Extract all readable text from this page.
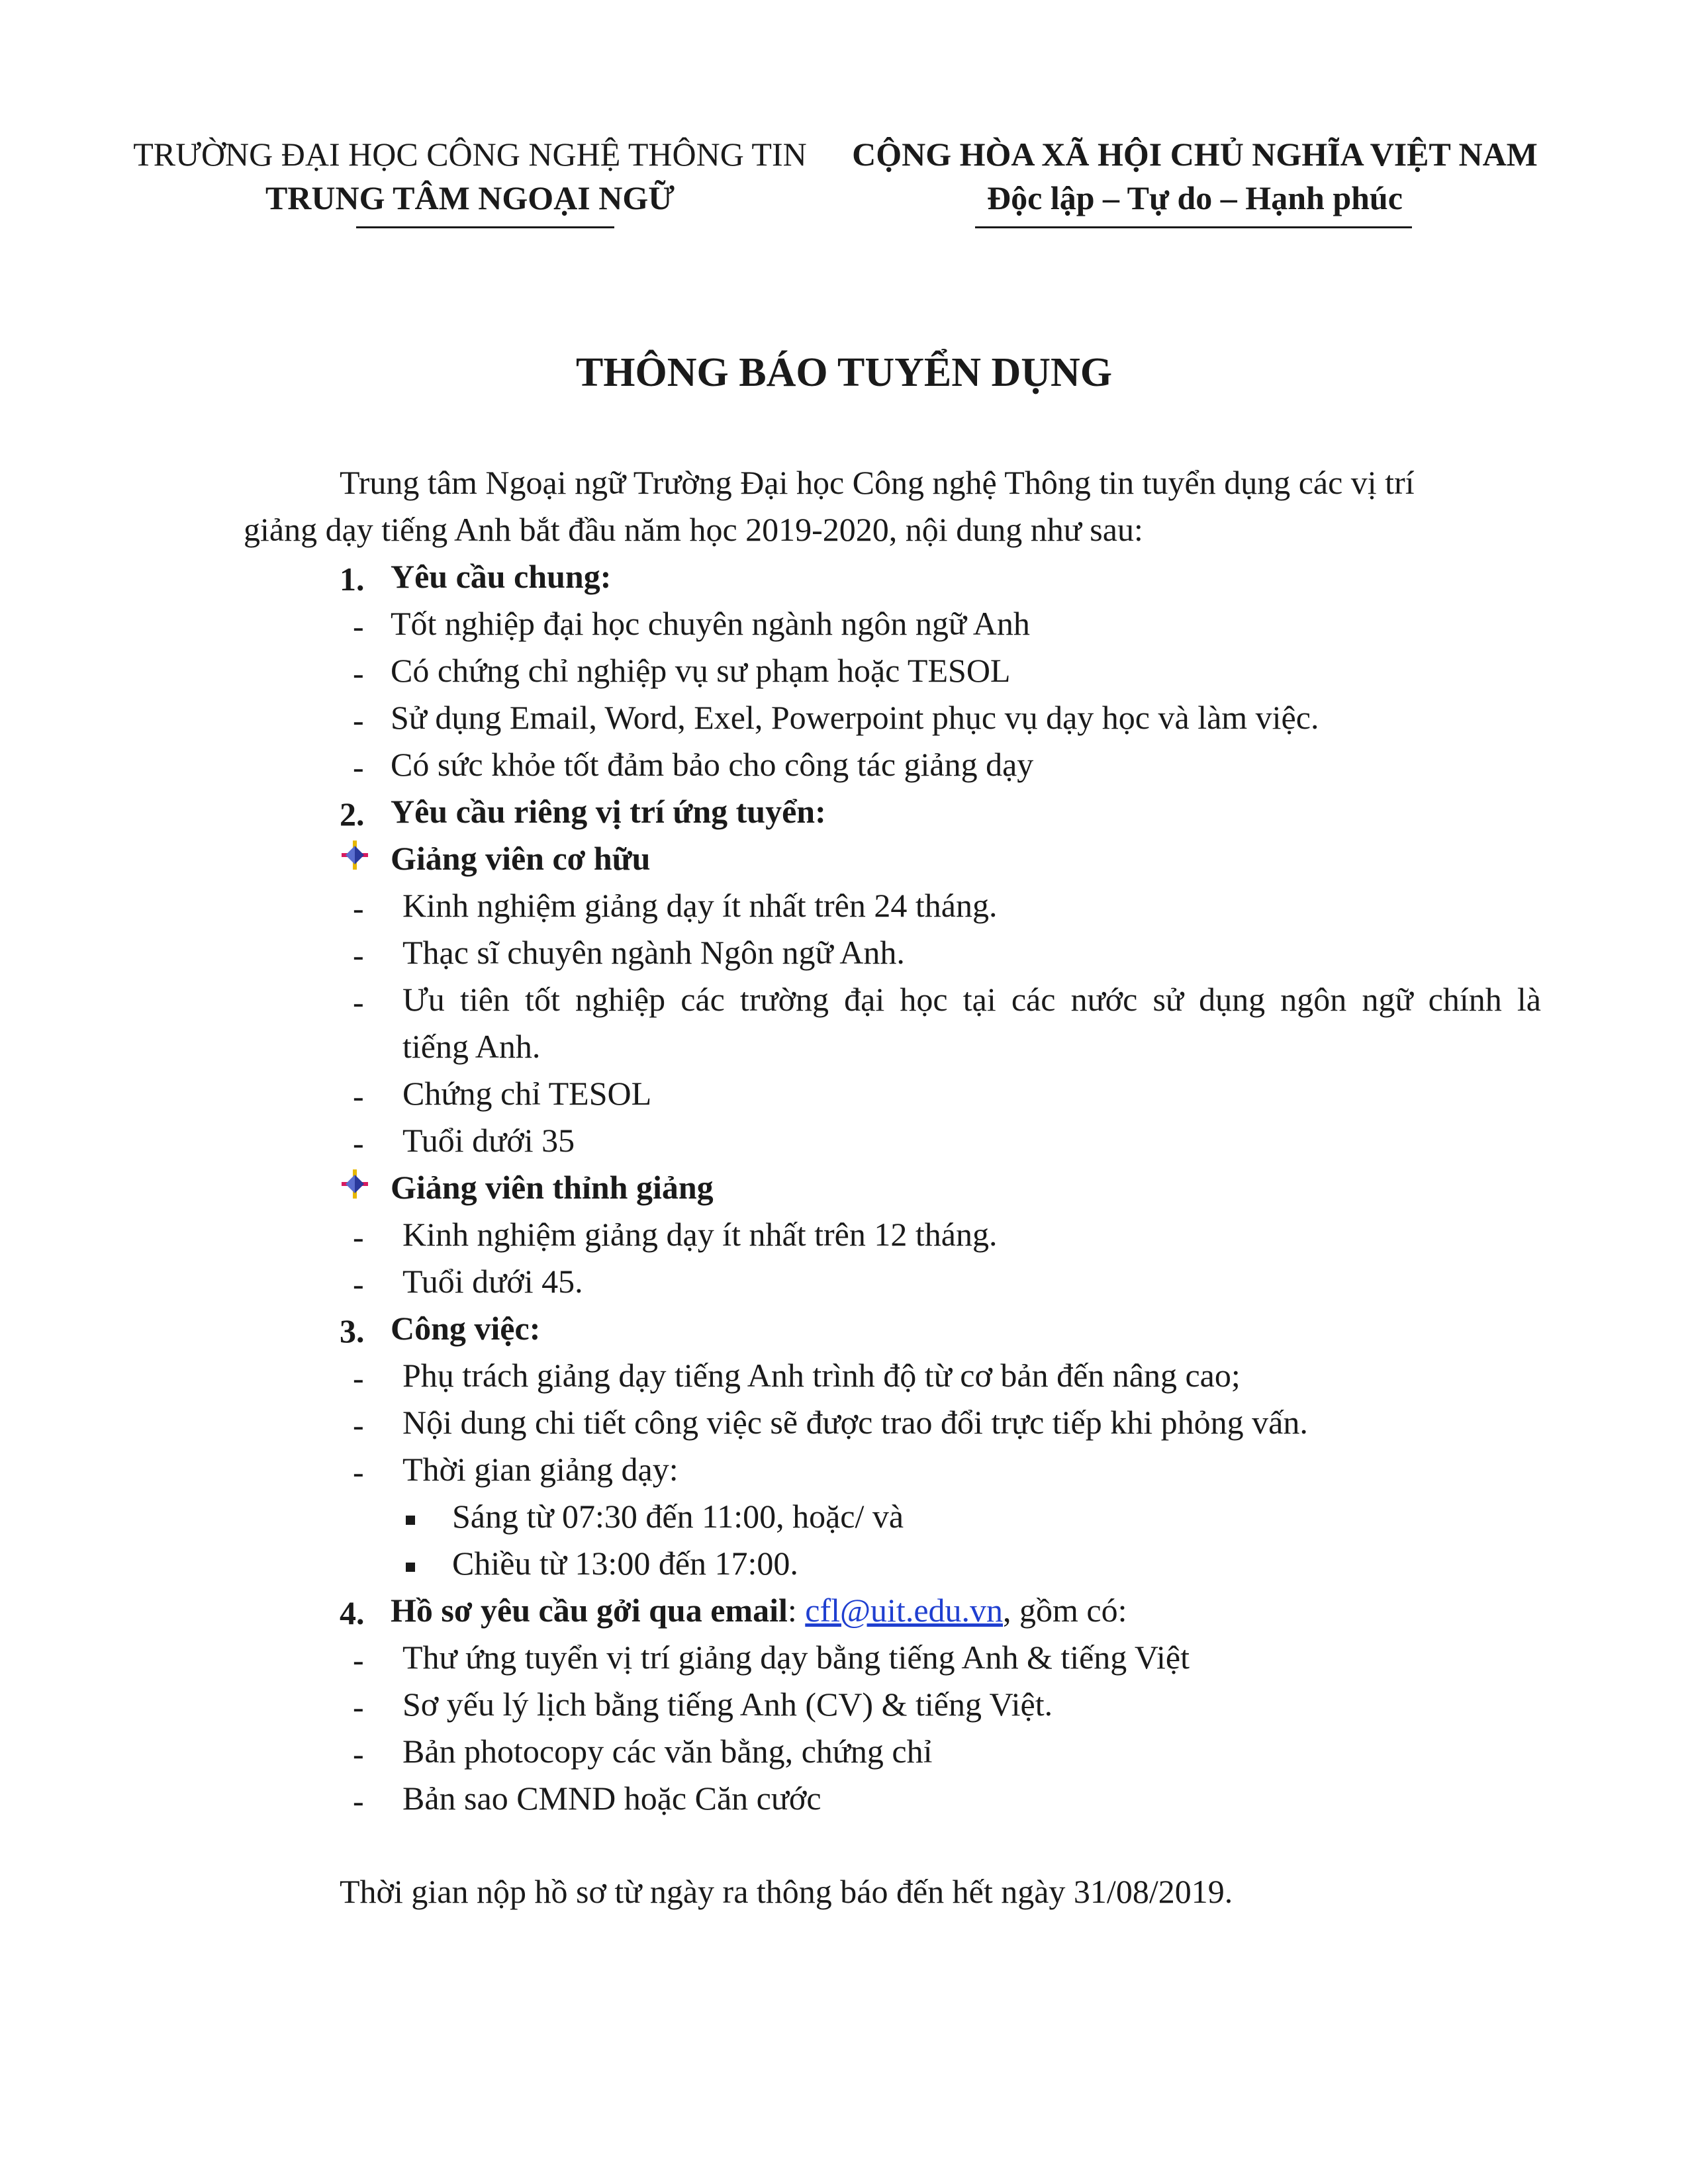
TRƯỜNG ĐẠI HỌC CÔNG NGHỆ THÔNG TIN
TRUNG TÂM NGOẠI NGỮ
CỘNG HÒA XÃ HỘI CHỦ NGHĨA VIỆT NAM
Độc lập – Tự do – Hạnh phúc
THÔNG BÁO TUYỂN DỤNG
Trung tâm Ngoại ngữ Trường Đại học Công nghệ Thông tin tuyển dụng các vị trí
giảng dạy tiếng Anh bắt đầu năm học 2019-2020, nội dung như sau:
1. Yêu cầu chung:
- Tốt nghiệp đại học chuyên ngành ngôn ngữ Anh
- Có chứng chỉ nghiệp vụ sư phạm hoặc TESOL
- Sử dụng Email, Word, Exel, Powerpoint phục vụ dạy học và làm việc.
- Có sức khỏe tốt đảm bảo cho công tác giảng dạy
2. Yêu cầu riêng vị trí ứng tuyển:
Giảng viên cơ hữu
- Kinh nghiệm giảng dạy ít nhất trên 24 tháng.
- Thạc sĩ chuyên ngành Ngôn ngữ Anh.
- Ưu tiên tốt nghiệp các trường đại học tại các nước sử dụng ngôn ngữ chính là
tiếng Anh.
- Chứng chỉ TESOL
- Tuổi dưới 35
Giảng viên thỉnh giảng
- Kinh nghiệm giảng dạy ít nhất trên 12 tháng.
- Tuổi dưới 45.
3. Công việc:
- Phụ trách giảng dạy tiếng Anh trình độ từ cơ bản đến nâng cao;
- Nội dung chi tiết công việc sẽ được trao đổi trực tiếp khi phỏng vấn.
- Thời gian giảng dạy:
Sáng từ 07:30 đến 11:00, hoặc/ và
Chiều từ 13:00 đến 17:00.
4. Hồ sơ yêu cầu gởi qua email: cfl@uit.edu.vn, gồm có:
- Thư ứng tuyển vị trí giảng dạy bằng tiếng Anh & tiếng Việt
- Sơ yếu lý lịch bằng tiếng Anh (CV) & tiếng Việt.
- Bản photocopy các văn bằng, chứng chỉ
- Bản sao CMND hoặc Căn cước
Thời gian nộp hồ sơ từ ngày ra thông báo đến hết ngày 31/08/2019.
